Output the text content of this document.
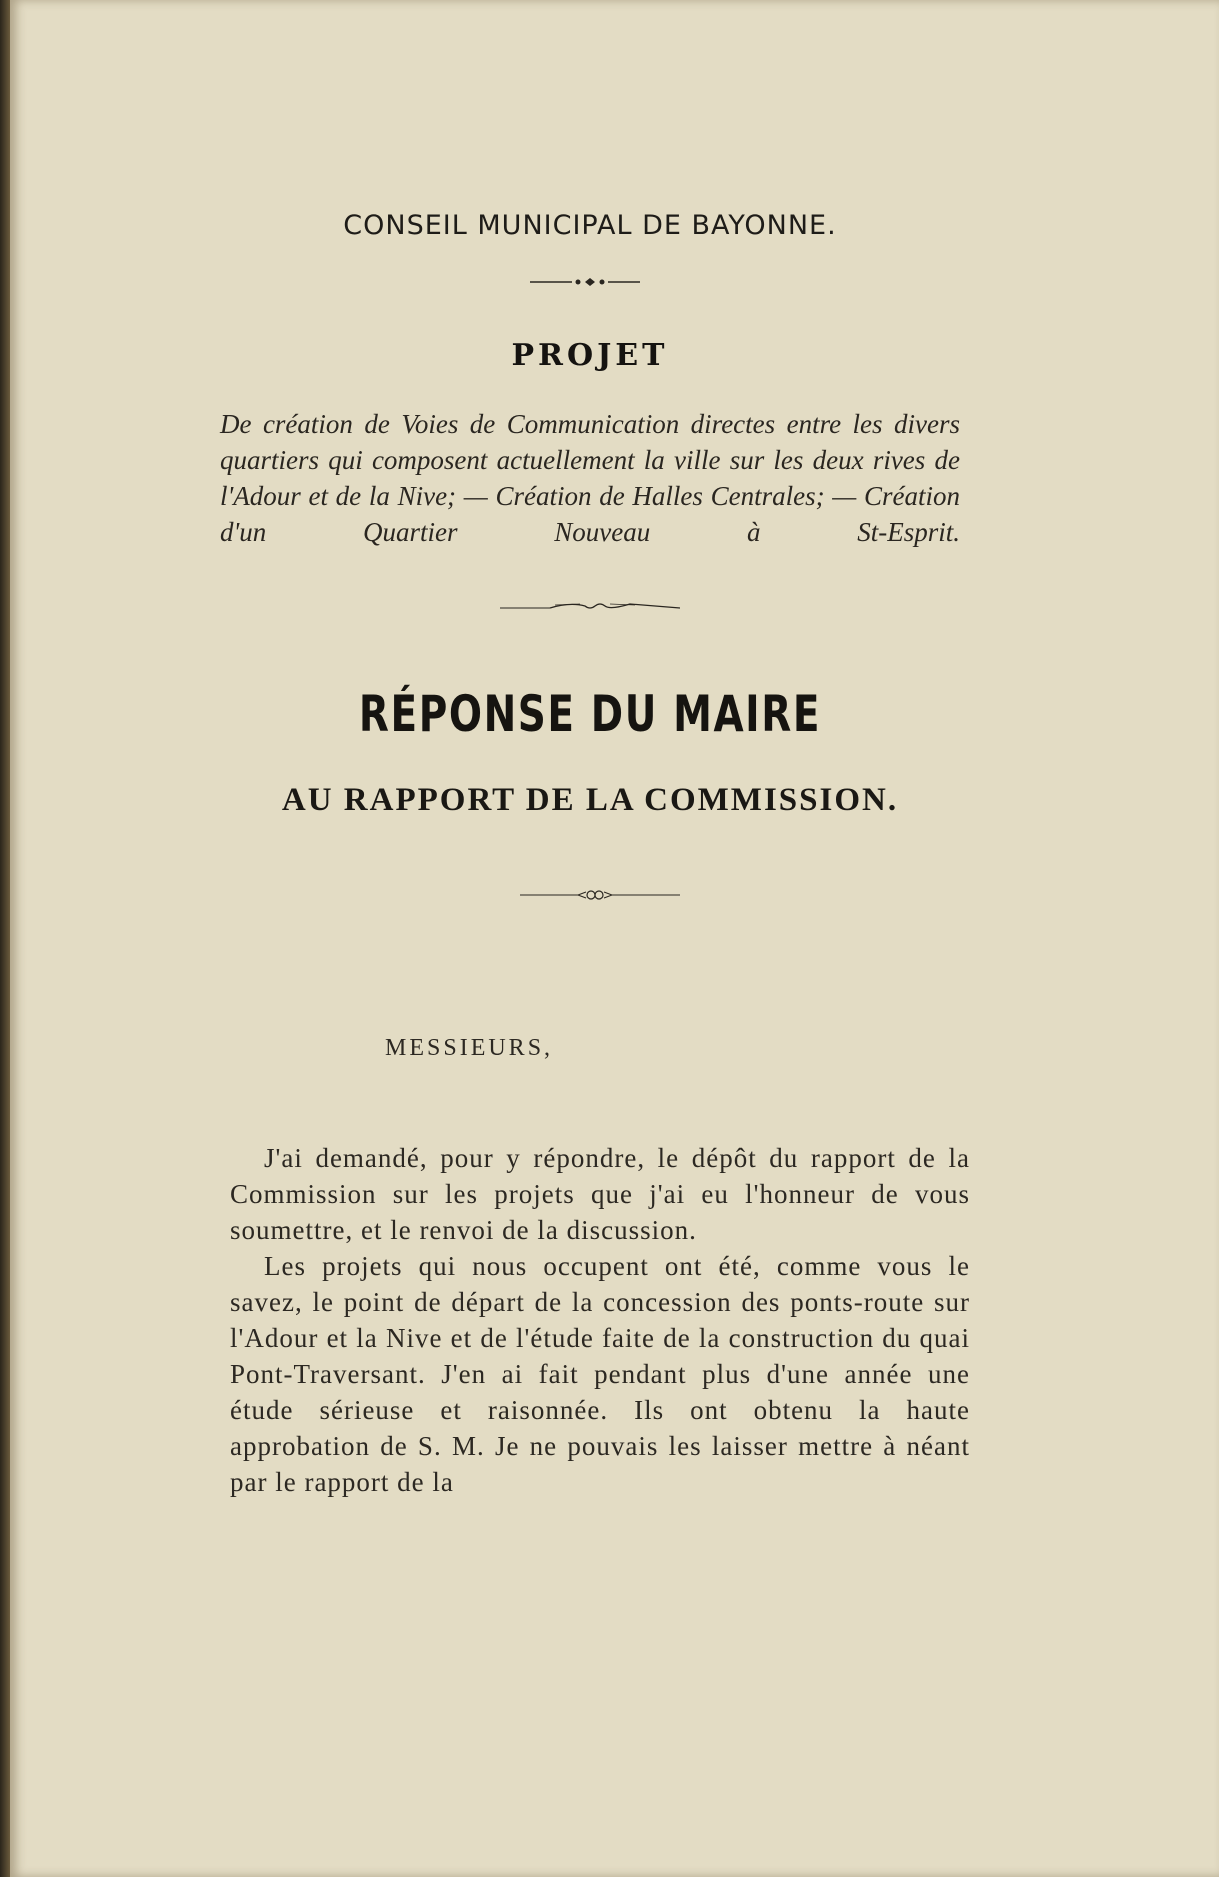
CONSEIL MUNICIPAL DE BAYONNE.
PROJET
De création de Voies de Communication directes entre les divers quartiers qui composent actuellement la ville sur les deux rives de l'Adour et de la Nive; — Création de Halles Centrales; — Création d'un Quartier Nouveau à St-Esprit.
RÉPONSE DU MAIRE
AU RAPPORT DE LA COMMISSION.
MESSIEURS,

J'ai demandé, pour y répondre, le dépôt du rapport de la Commission sur les projets que j'ai eu l'honneur de vous soumettre, et le renvoi de la discussion.

Les projets qui nous occupent ont été, comme vous le savez, le point de départ de la concession des ponts-route sur l'Adour et la Nive et de l'étude faite de la construction du quai Pont-Traversant. J'en ai fait pendant plus d'une année une étude sérieuse et raisonnée. Ils ont obtenu la haute approbation de S. M. Je ne pouvais les laisser mettre à néant par le rapport de la
